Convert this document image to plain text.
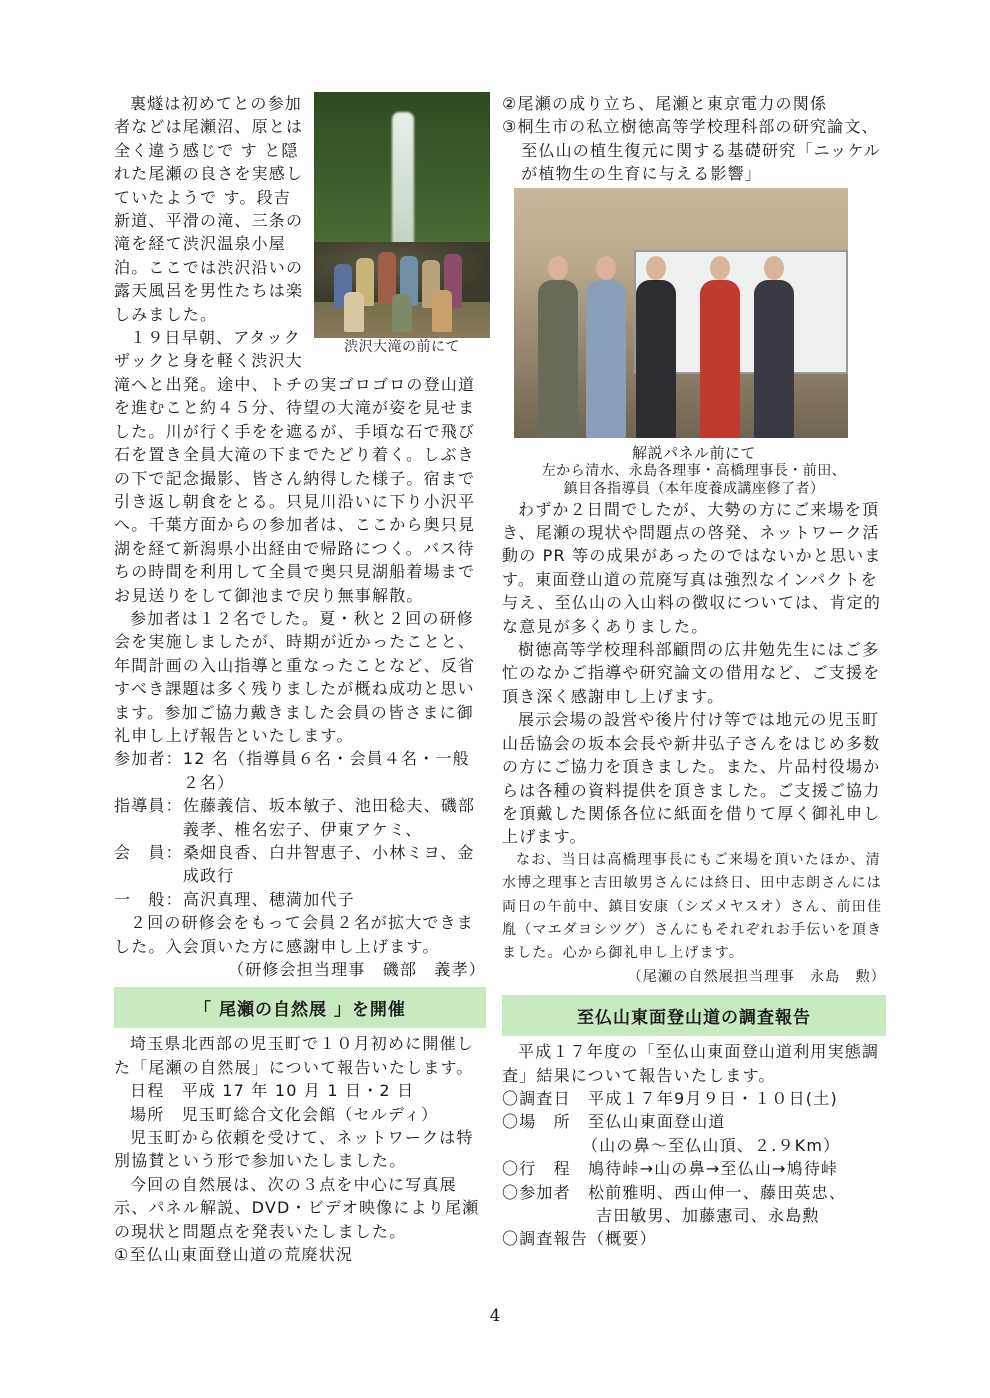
渋沢大滝の前にて

裏燧は初めてとの参加者などは尾瀬沼、原とは全く違う感じで す と隠れた尾瀬の良さを実感していたようで す。段吉新道、平滑の滝、三条の滝を経て渋沢温泉小屋泊。ここでは渋沢沿いの露天風呂を男性たちは楽しみました。

１９日早朝、アタックザックと身を軽く渋沢大滝へと出発。途中、トチの実ゴロゴロの登山道を進むこと約４５分、待望の大滝が姿を見せました。川が行く手をを遮るが、手頃な石で飛び石を置き全員大滝の下までたどり着く。しぶきの下で記念撮影、皆さん納得した様子。宿まで引き返し朝食をとる。只見川沿いに下り小沢平へ。千葉方面からの参加者は、ここから奥只見湖を経て新潟県小出経由で帰路につく。バス待ちの時間を利用して全員で奥只見湖船着場までお見送りをして御池まで戻り無事解散。

参加者は１２名でした。夏・秋と２回の研修会を実施しましたが、時期が近かったことと、年間計画の入山指導と重なったことなど、反省すべき課題は多く残りましたが概ね成功と思います。参加ご協力戴きました会員の皆さまに御礼申し上げ報告といたします。

参加者： 12 名（指導員６名・会員４名・一般２名）
指導員： 佐藤義信、坂本敏子、池田稔夫、磯部義孝、椎名宏子、伊東アケミ、
会　員： 桑畑良香、白井智恵子、小林ミヨ、金成政行
一　般： 高沢真理、穂満加代子

２回の研修会をもって会員２名が拡大できました。入会頂いた方に感謝申し上げます。

（研修会担当理事　磯部　義孝）

「 尾瀬の自然展 」を開催

埼玉県北西部の児玉町で１０月初めに開催した「尾瀬の自然展」について報告いたします。

日程　平成 17 年 10 月 1 日・2 日

場所　児玉町総合文化会館（セルディ）

児玉町から依頼を受けて、ネットワークは特別協賛という形で参加いたしました。

今回の自然展は、次の３点を中心に写真展示、パネル解説、DVD・ビデオ映像により尾瀬の現状と問題点を発表いたしました。

①至仏山東面登山道の荒廃状況

②尾瀬の成り立ち、尾瀬と東京電力の関係

③桐生市の私立樹徳高等学校理科部の研究論文、至仏山の植生復元に関する基礎研究「ニッケルが植物生の生育に与える影響」

解説パネル前にて

左から清水、永島各理事・高橋理事長・前田、

鎮目各指導員（本年度養成講座修了者）

わずか２日間でしたが、大勢の方にご来場を頂き、尾瀬の現状や問題点の啓発、ネットワーク活動の PR 等の成果があったのではないかと思います。東面登山道の荒廃写真は強烈なインパクトを与え、至仏山の入山料の徴収については、肯定的な意見が多くありました。

樹徳高等学校理科部顧問の広井勉先生にはご多忙のなかご指導や研究論文の借用など、ご支援を頂き深く感謝申し上げます。

展示会場の設営や後片付け等では地元の児玉町山岳協会の坂本会長や新井弘子さんをはじめ多数の方にご協力を頂きました。また、片品村役場からは各種の資料提供を頂きました。ご支援ご協力を頂戴した関係各位に紙面を借りて厚く御礼申し上げます。

なお、当日は高橋理事長にもご来場を頂いたほか、清水博之理事と吉田敏男さんには終日、田中志朗さんには両日の午前中、鎮目安康（シズメヤスオ）さん、前田佳胤（マエダヨシツグ）さんにもそれぞれお手伝いを頂きました。心から御礼申し上げます。

（尾瀬の自然展担当理事　永島　勲）

至仏山東面登山道の調査報告

平成１７年度の「至仏山東面登山道利用実態調査」結果について報告いたします。

〇調査日　 平成１７年9月９日・１０日(土)
〇場　所　 至仏山東面登山道
（山の鼻～至仏山頂、２.９Km）
〇行　程　 鳩待峠→山の鼻→至仏山→鳩待峠
〇参加者　 松前雅明、西山伸一、藤田英忠、
吉田敏男、加藤憲司、永島勲
〇調査報告（概要）
4
